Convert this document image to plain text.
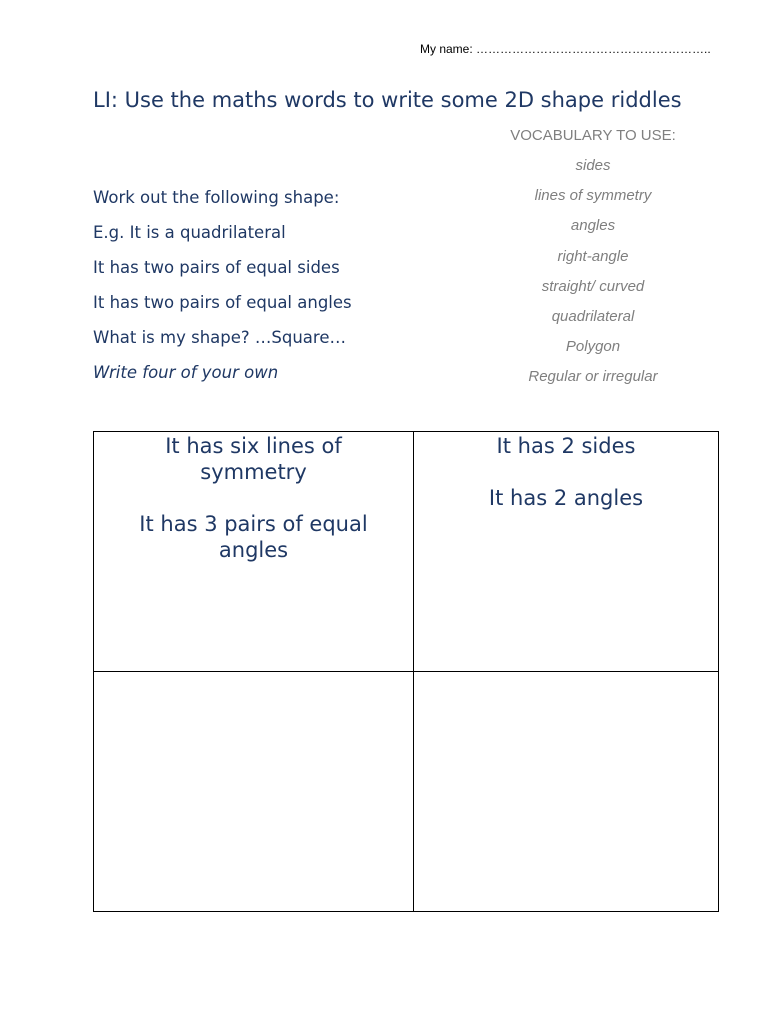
My name: …………………………………………………..
LI: Use the maths words to write some 2D shape riddles
Work out the following shape:
E.g. It is a quadrilateral
It has two pairs of equal sides
It has two pairs of equal angles
What is my shape? …Square…
Write four of your own
VOCABULARY TO USE:
sides
lines of symmetry
angles
right-angle
straight/ curved
quadrilateral
Polygon
Regular or irregular

It has six lines of symmetry

It has 3 pairs of equal angles

It has 2 sides

It has 2 angles
